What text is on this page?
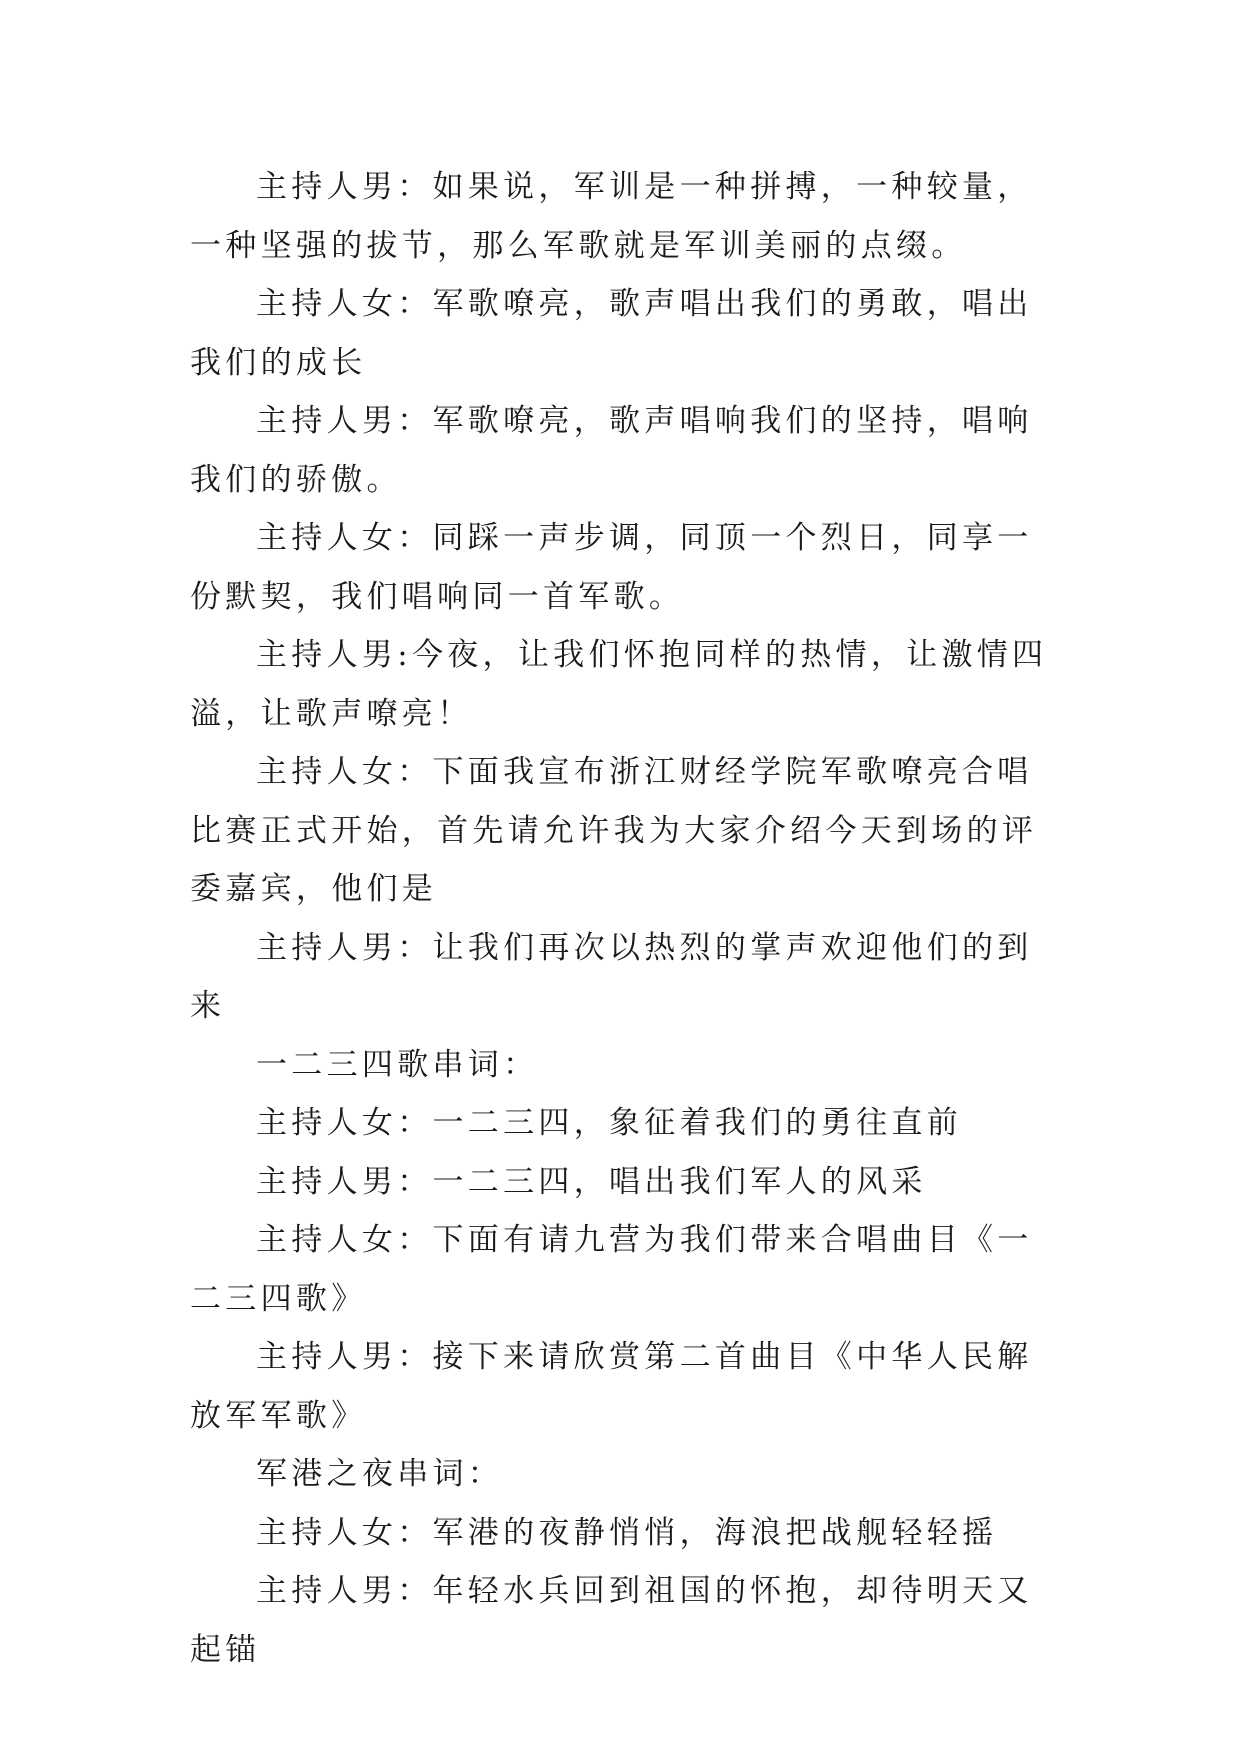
主持人男：如果说，军训是一种拼搏，一种较量，一种坚强的拔节，那么军歌就是军训美丽的点缀。

主持人女：军歌嘹亮，歌声唱出我们的勇敢，唱出我们的成长

主持人男：军歌嘹亮，歌声唱响我们的坚持，唱响我们的骄傲。

主持人女：同踩一声步调，同顶一个烈日，同享一份默契，我们唱响同一首军歌。

主持人男:今夜，让我们怀抱同样的热情，让激情四溢，让歌声嘹亮！

主持人女：下面我宣布浙江财经学院军歌嘹亮合唱比赛正式开始，首先请允许我为大家介绍今天到场的评委嘉宾，他们是

主持人男：让我们再次以热烈的掌声欢迎他们的到来

一二三四歌串词：

主持人女：一二三四，象征着我们的勇往直前

主持人男：一二三四，唱出我们军人的风采

主持人女：下面有请九营为我们带来合唱曲目《一二三四歌》

主持人男：接下来请欣赏第二首曲目《中华人民解放军军歌》

军港之夜串词：

主持人女：军港的夜静悄悄，海浪把战舰轻轻摇

主持人男：年轻水兵回到祖国的怀抱，却待明天又起锚
